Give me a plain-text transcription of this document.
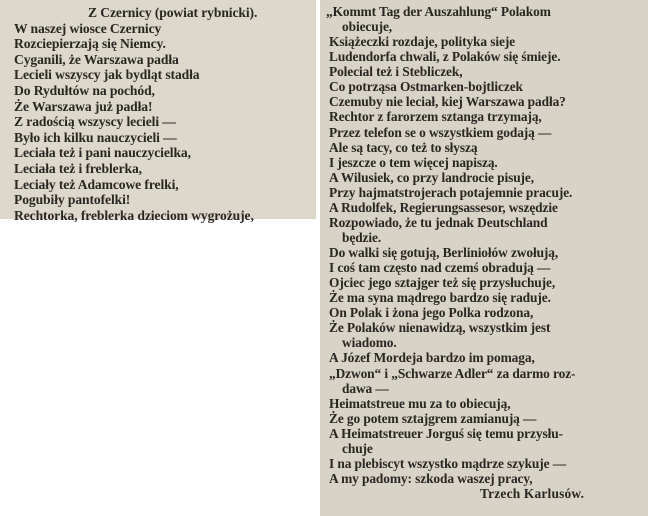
Z Czernicy (powiat rybnicki).
W naszej wiosce Czernicy
Rozciepierzają się Niemcy.
Cyganili, że Warszawa padła
Lecieli wszyscy jak bydląt stadła
Do Rydułtów na pochód,
Że Warszawa już padła!
Z radością wszyscy lecieli —
Było ich kilku nauczycieli —
Leciała też i pani nauczycielka,
Leciała też i freblerka,
Leciały też Adamcowe frelki,
Pogubiły pantofelki!
Rechtorka, freblerka dzieciom wygrożuje,
„Kommt Tag der Auszahlung“ Polakom
obiecuje,
Książeczki rozdaje, polityka sieje
Ludendorfa chwali, z Polaków się śmieje.
Polecial też i Stebliczek,
Co potrząsa Ostmarken-bojtliczek
Czemuby nie leciał, kiej Warszawa padła?
Rechtor z farorzem sztanga trzymają,
Przez telefon se o wszystkiem godają —
Ale są tacy, co też to słyszą
I jeszcze o tem więcej napiszą.
A Wilusiek, co przy landrocie pisuje,
Przy hajmatstrojerach potajemnie pracuje.
A Rudolfek, Regierungsassesor, wszędzie
Rozpowiado, że tu jednak Deutschland
będzie.
Do walki się gotują, Berliniołów zwołują,
I coś tam często nad czemś obradują —
Ojciec jego sztajger też się przysłuchuje,
Że ma syna mądrego bardzo się raduje.
On Polak i żona jego Polka rodzona,
Że Polaków nienawidzą, wszystkim jest
wiadomo.
A Józef Mordeja bardzo im pomaga,
„Dzwon“ i „Schwarze Adler“ za darmo roz-
dawa —
Heimatstreue mu za to obiecują,
Że go potem sztajgrem zamianują —
A Heimatstreuer Jorguś się temu przysłu-
chuje
I na plebiscyt wszystko mądrze szykuje —
A my padomy: szkoda waszej pracy,
Trzech Karlusów.
